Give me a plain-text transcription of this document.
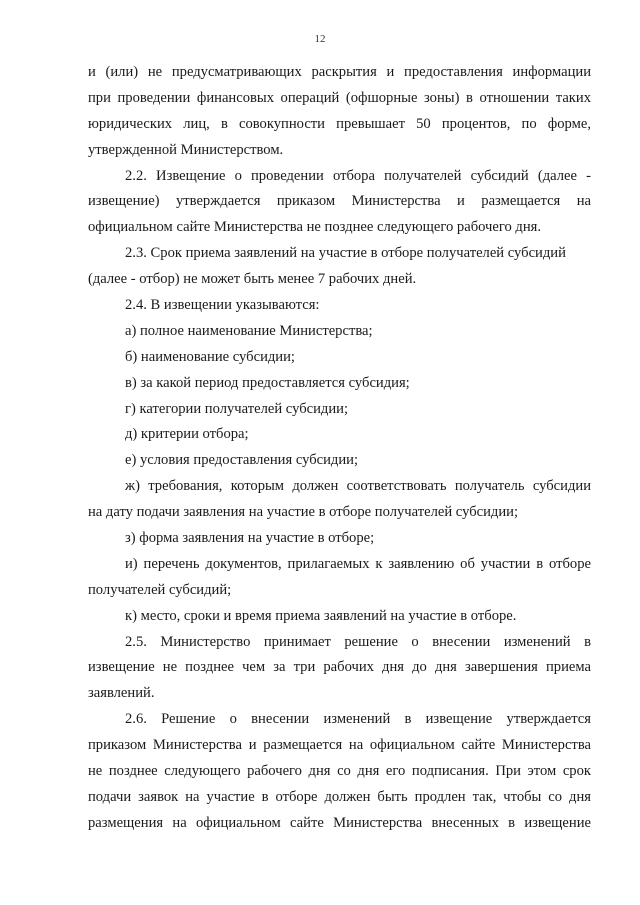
12
и (или) не предусматривающих раскрытия и предоставления информации
при проведении финансовых операций (офшорные зоны) в отношении таких
юридических лиц, в совокупности превышает 50 процентов, по форме,
утвержденной Министерством.
2.2. Извещение о проведении отбора получателей субсидий (далее -
извещение) утверждается приказом Министерства и размещается на
официальном сайте Министерства не позднее следующего рабочего дня.
2.3. Срок приема заявлений на участие в отборе получателей субсидий
(далее - отбор) не может быть менее 7 рабочих дней.
2.4. В извещении указываются:
а) полное наименование Министерства;
б) наименование субсидии;
в) за какой период предоставляется субсидия;
г) категории получателей субсидии;
д) критерии отбора;
е) условия предоставления субсидии;
ж) требования, которым должен соответствовать получатель субсидии
на дату подачи заявления на участие в отборе получателей субсидии;
з) форма заявления на участие в отборе;
и) перечень документов, прилагаемых к заявлению об участии в отборе
получателей субсидий;
к) место, сроки и время приема заявлений на участие в отборе.
2.5. Министерство принимает решение о внесении изменений в
извещение не позднее чем за три рабочих дня до дня завершения приема
заявлений.
2.6. Решение о внесении изменений в извещение утверждается
приказом Министерства и размещается на официальном сайте Министерства
не позднее следующего рабочего дня со дня его подписания. При этом срок
подачи заявок на участие в отборе должен быть продлен так, чтобы со дня
размещения на официальном сайте Министерства внесенных в извещение
